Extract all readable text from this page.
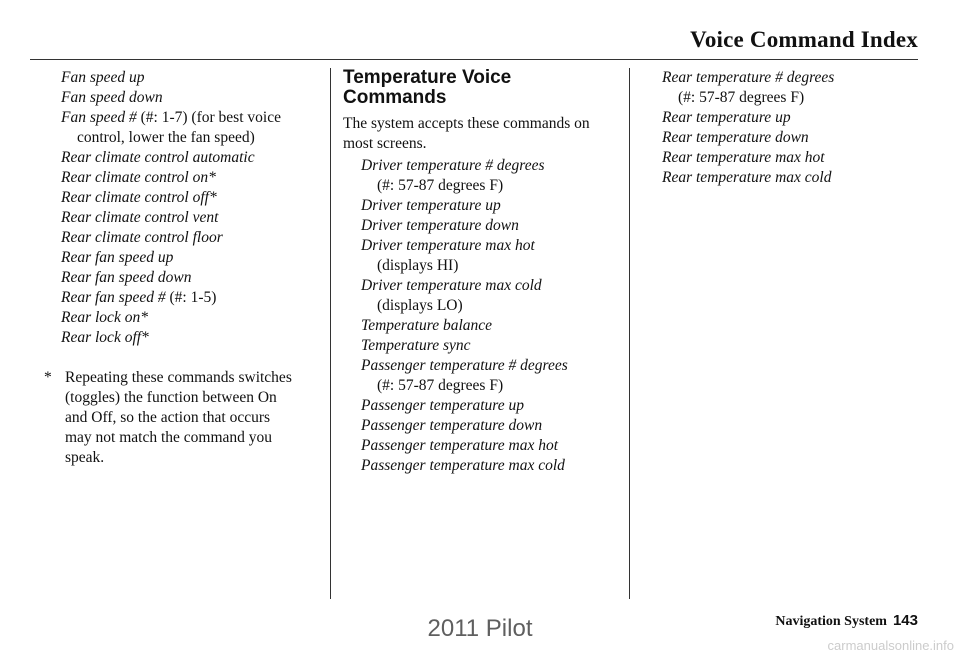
Voice Command Index
Fan speed up
Fan speed down
Fan speed # (#: 1-7) (for best voice
control, lower the fan speed)
Rear climate control automatic
Rear climate control on*
Rear climate control off*
Rear climate control vent
Rear climate control floor
Rear fan speed up
Rear fan speed down
Rear fan speed # (#: 1-5)
Rear lock on*
Rear lock off*
* Repeating these commands switches
(toggles) the function between On
and Off, so the action that occurs
may not match the command you
speak.
Temperature Voice
Commands
The system accepts these commands on
most screens.
Driver temperature # degrees
(#: 57-87 degrees F)
Driver temperature up
Driver temperature down
Driver temperature max hot
(displays HI)
Driver temperature max cold
(displays LO)
Temperature balance
Temperature sync
Passenger temperature # degrees
(#: 57-87 degrees F)
Passenger temperature up
Passenger temperature down
Passenger temperature max hot
Passenger temperature max cold
Rear temperature # degrees
(#: 57-87 degrees F)
Rear temperature up
Rear temperature down
Rear temperature max hot
Rear temperature max cold
Navigation System 143
2011 Pilot
carmanualsonline.info
